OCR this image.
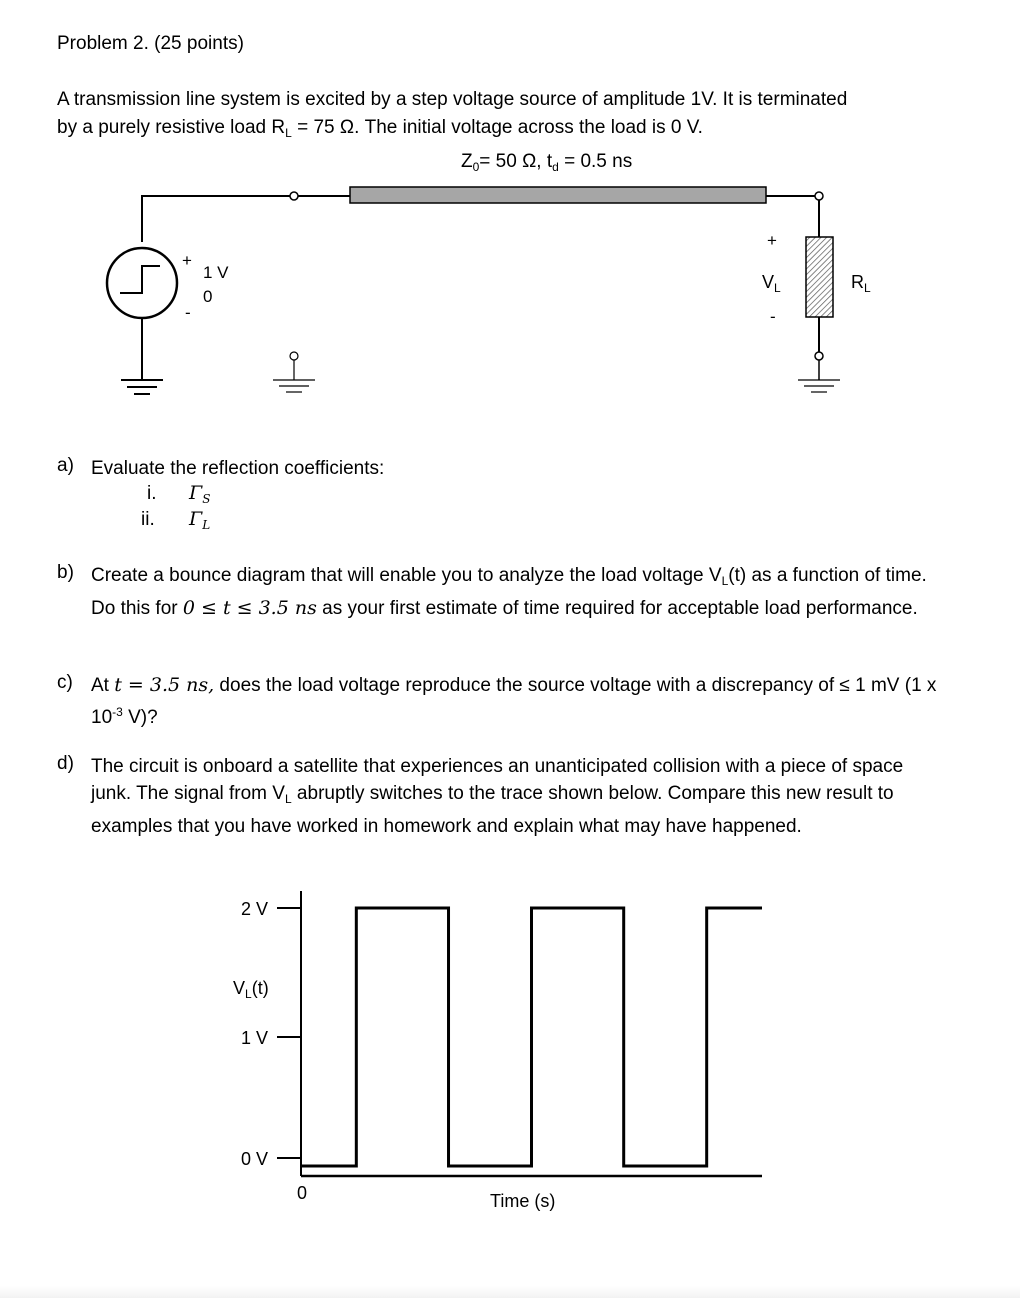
Problem 2. (25 points)
A transmission line system is excited by a step voltage source of amplitude 1V. It is terminated
by a purely resistive load $R_L = 75$ Ω. The initial voltage across the load is 0 V.
$Z_0= 50$ Ω, $t_d = 0.5$ ns
+
1 V
0
-
+
$V_L$
-
$R_L$
a) Evaluate the reflection coefficients:
i. $\Gamma_S$
ii. $\Gamma_L$
b) Create a bounce diagram that will enable you to analyze the load voltage $V_L(t)$ as a function of time. Do this for 0 ≤ t ≤ 3.5 ns as your first estimate of time required for acceptable load performance.
c) At t = 3.5 ns, does the load voltage reproduce the source voltage with a discrepancy of ≤ 1 mV (1 x $10^{-3}$ V)?
d) The circuit is onboard a satellite that experiences an unanticipated collision with a piece of space junk. The signal from $V_L$ abruptly switches to the trace shown below. Compare this new result to examples that you have worked in homework and explain what may have happened.
2 V
1 V
0 V
$V_L(t)$
0	Time (s)
